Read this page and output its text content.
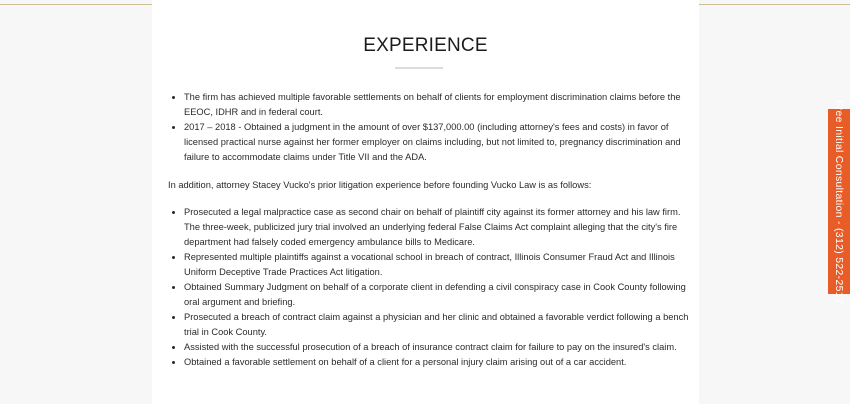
EXPERIENCE
• The firm has achieved multiple favorable settlements on behalf of clients for employment discrimination claims before the EEOC, IDHR and in federal court.
• 2017 – 2018 - Obtained a judgment in the amount of over $137,000.00 (including attorney's fees and costs) in favor of licensed practical nurse against her former employer on claims including, but not limited to, pregnancy discrimination and failure to accommodate claims under Title VII and the ADA.
In addition, attorney Stacey Vucko's prior litigation experience before founding Vucko Law is as follows:
• Prosecuted a legal malpractice case as second chair on behalf of plaintiff city against its former attorney and his law firm. The three-week, publicized jury trial involved an underlying federal False Claims Act complaint alleging that the city's fire department had falsely coded emergency ambulance bills to Medicare.
• Represented multiple plaintiffs against a vocational school in breach of contract, Illinois Consumer Fraud Act and Illinois Uniform Deceptive Trade Practices Act litigation.
• Obtained Summary Judgment on behalf of a corporate client in defending a civil conspiracy case in Cook County following oral argument and briefing.
• Prosecuted a breach of contract claim against a physician and her clinic and obtained a favorable verdict following a bench trial in Cook County.
• Assisted with the successful prosecution of a breach of insurance contract claim for failure to pay on the insured's claim.
• Obtained a favorable settlement on behalf of a client for a personal injury claim arising out of a car accident.
Free Initial Consultation - (312) 522-2517
